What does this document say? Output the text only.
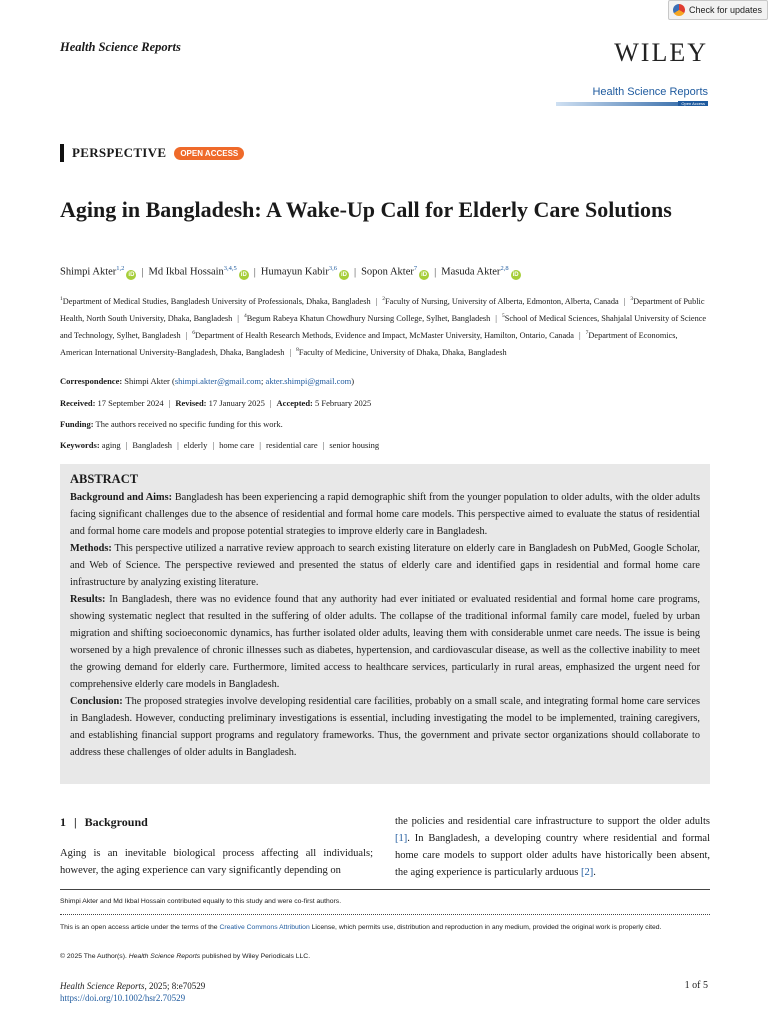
Check for updates
Health Science Reports	WILEY
Health Science Reports
Open Access
PERSPECTIVE	OPEN ACCESS
Aging in Bangladesh: A Wake-Up Call for Elderly Care Solutions
Shimpi Akter$^{1,2}$iD | Md Ikbal Hossain$^{3,4,5}$iD | Humayun Kabir$^{3,6}$iD | Sopon Akter$^7$iD | Masuda Akter$^{2,8}$iD
$^1$Department of Medical Studies, Bangladesh University of Professionals, Dhaka, Bangladesh | $^2$Faculty of Nursing, University of Alberta, Edmonton, Alberta, Canada | $^3$Department of Public Health, North South University, Dhaka, Bangladesh | $^4$Begum Rabeya Khatun Chowdhury Nursing College, Sylhet, Bangladesh | $^5$School of Medical Sciences, Shahjalal University of Science and Technology, Sylhet, Bangladesh | $^6$Department of Health Research Methods, Evidence and Impact, McMaster University, Hamilton, Ontario, Canada | $^7$Department of Economics, American International University-Bangladesh, Dhaka, Bangladesh | $^8$Faculty of Medicine, University of Dhaka, Dhaka, Bangladesh
Correspondence: Shimpi Akter (shimpi.akter@gmail.com; akter.shimpi@gmail.com)
Received: 17 September 2024 | Revised: 17 January 2025 | Accepted: 5 February 2025
Funding: The authors received no specific funding for this work.
Keywords: aging | Bangladesh | elderly | home care | residential care | senior housing
ABSTRACT

Background and Aims: Bangladesh has been experiencing a rapid demographic shift from the younger population to older adults, with the older adults facing significant challenges due to the absence of residential and formal home care models. This perspective aimed to evaluate the status of residential and formal home care models and propose potential strategies to improve elderly care in Bangladesh.

Methods: This perspective utilized a narrative review approach to search existing literature on elderly care in Bangladesh on PubMed, Google Scholar, and Web of Science. The perspective reviewed and presented the status of elderly care and identified gaps in residential and formal home care infrastructure by analyzing existing literature.

Results: In Bangladesh, there was no evidence found that any authority had ever initiated or evaluated residential and formal home care programs, showing systematic neglect that resulted in the suffering of older adults. The collapse of the traditional informal family care model, fueled by urban migration and shifting socioeconomic dynamics, has further isolated older adults, leaving them with considerable unmet care needs. The issue is being worsened by a high prevalence of chronic illnesses such as diabetes, hypertension, and cardiovascular disease, as well as the collective inability to meet the growing demand for elderly care. Furthermore, limited access to healthcare services, particularly in rural areas, emphasized the urgent need for comprehensive elderly care models in Bangladesh.

Conclusion: The proposed strategies involve developing residential care facilities, probably on a small scale, and integrating formal home care services in Bangladesh. However, conducting preliminary investigations is essential, including investigating the model to be implemented, training caregivers, and establishing financial support programs and regulatory frameworks. Thus, the government and private sector organizations should collaborate to address these challenges of older adults in Bangladesh.

1 | Background
Aging is an inevitable biological process affecting all individuals; however, the aging experience can vary significantly depending on
the policies and residential care infrastructure to support the older adults [1]. In Bangladesh, a developing country where residential and formal home care models to support older adults have historically been absent, the aging experience is particularly arduous [2].
Shimpi Akter and Md Ikbal Hossain contributed equally to this study and were co-first authors.
This is an open access article under the terms of the Creative Commons Attribution License, which permits use, distribution and reproduction in any medium, provided the original work is properly cited.
© 2025 The Author(s). Health Science Reports published by Wiley Periodicals LLC.
Health Science Reports, 2025; 8:e70529
https://doi.org/10.1002/hsr2.70529
1 of 5
